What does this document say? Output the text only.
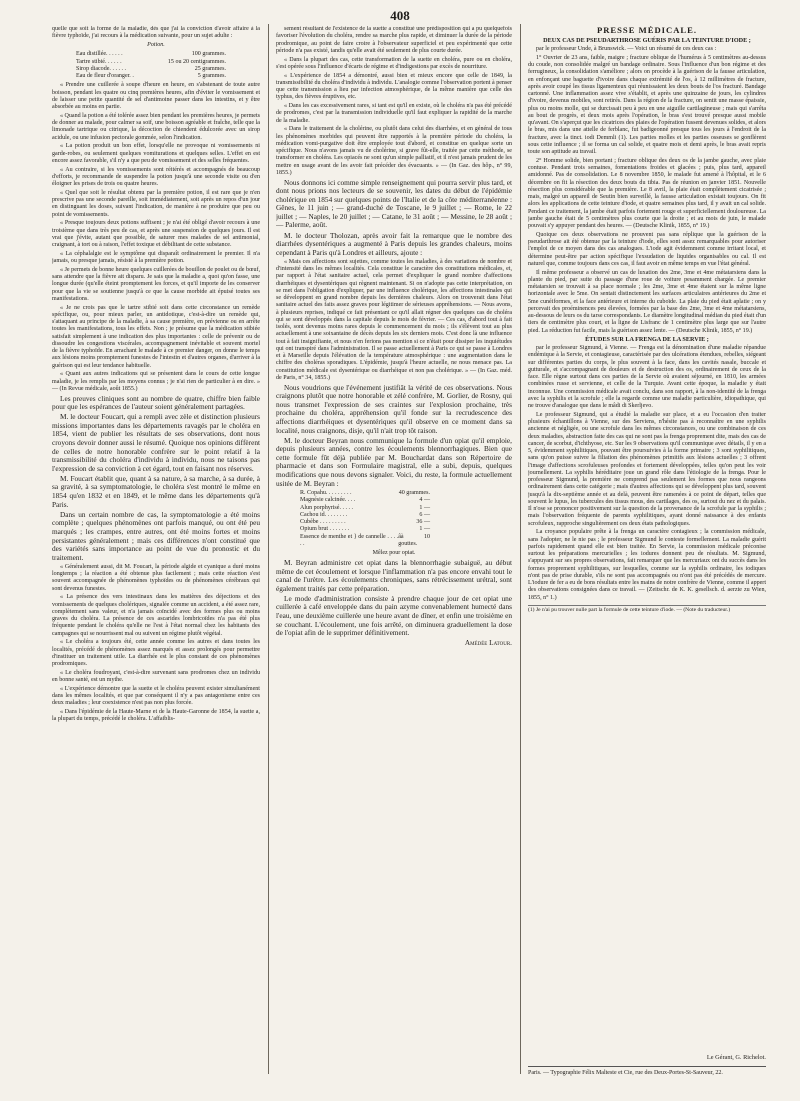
408

quelle que soit la forme de la maladie, dès que j'ai la conviction d'avoir affaire à la fièvre typhoïde, j'ai recours à la médication suivante, pour un sujet adulte :

Potion.

Eau distillée. . . . . .	100 grammes.
Tartre stibié. . . . . .	15 ou 20 centigrammes.
Sirop diacode. . . . . .	25 grammes.
Eau de fleur d'oranger. .	5 grammes.

« Prendre une cuillerée à soupe d'heure en heure, en s'abstenant de toute autre boisson, pendant les quatre ou cinq premières heures, afin d'éviter le vomissement et de laisser une petite quantité de sel d'antimoine passer dans les intestins, et y être absorbée au moins en partie.

« Quand la potion a été tolérée assez bien pendant les premières heures, je permets de donner au malade, pour calmer sa soif, une boisson agréable et fraîche, telle que la limonade tartrique ou citrique, la décoction de chiendent édulcorée avec un sirop acidule, ou une infusion pectorale gommée, selon l'indication.

« La potion produit un bon effet, lorsqu'elle ne provoque ni vomissements ni garde-robes, ou seulement quelques vomiturations et quelques selles. L'effet en est encore assez favorable, s'il n'y a que peu de vomissement et des selles fréquentes.

« Au contraire, si les vomissements sont réitérés et accompagnés de beaucoup d'efforts, je recommande de suspendre la potion jusqu'à une seconde visite ou d'en éloigner les prises de trois ou quatre heures.

« Quel que soit le résultat obtenu par la première potion, il est rare que je n'en prescrive pas une seconde pareille, soit immédiatement, soit après un repos d'un jour en distinguant les doses, suivant l'indication, de manière à ne produire que peu ou point de vomissements.

« Presque toujours deux potions suffisent ; je n'ai été obligé d'avoir recours à une troisième que dans très peu de cas, et après une suspension de quelques jours. Il est vrai que j'évite, autant que possible, de saturer mes malades de sel antimonial, craignant, à tort ou à raison, l'effet toxique et débilitant de cette substance.

« La céphalalgie est le symptôme qui disparaît ordinairement le premier. Il n'a jamais, ou presque jamais, résisté à la première potion.

« Je permets de bonne heure quelques cuillerées de bouillon de poulet ou de bœuf, sans attendre que la fièvre ait disparu. Je sais que la maladie a, quoi qu'on fasse, une longue durée (qu'elle éteint promptement les forces, et qu'il importe de les conserver pour que la vie se soutienne jusqu'à ce que la cause morbide ait épuisé toutes ses manifestations.

« Je ne crois pas que le tartre stibié soit dans cette circonstance un remède spécifique, ou, pour mieux parler, un antidotique, c'est-à-dire un remède qui, s'attaquant au principe de la maladie, à sa cause première, en prévienne ou en arrête toutes les manifestations, tous les effets. Non ; je présume que la médication stibiée satisfait simplement à une indication des plus importantes : celle de prévenir ou de dissoudre les congestions viscérales, accompagnement inévitable et souvent mortel de la fièvre typhoïde. En arrachant le malade à ce premier danger, on donne le temps aux lésions moins promptement funestes de l'intestin et d'autres organes, d'arriver à la guérison qui est leur tendance habituelle.

« Quant aux autres indications qui se présentent dans le cours de cette longue maladie, je les remplis par les moyens connus ; je n'ai rien de particulier à en dire. » — (In Revue médicale, août 1855.)

Les preuves cliniques sont au nombre de quatre, chiffre bien faible pour que les espérances de l'auteur soient généralement partagées.

M. le docteur Foucart, qui a rempli avec zèle et distinction plusieurs missions importantes dans les départements ravagés par le choléra en 1854, vient de publier les résultats de ses observations, dont nous croyons devoir donner aussi le résumé. Quoique nos opinions diffèrent de celles de notre honorable confrère sur le point relatif à la transmissibilité du choléra d'individu à individu, nous ne taisons pas l'expression de sa conviction à cet égard, tout en faisant nos réserves.

M. Foucart établit que, quant à sa nature, à sa marche, à sa durée, à sa gravité, à sa symptomatologie, le choléra s'est montré le même en 1854 qu'en 1832 et en 1849, et le même dans les départements qu'à Paris.

Dans un certain nombre de cas, la symptomatologie a été moins complète ; quelques phénomènes ont parfois manqué, ou ont été peu marqués ; les crampes, entre autres, ont été moins fortes et moins persistantes généralement ; mais ces différences n'ont constitué que des variétés sans importance au point de vue du pronostic et du traitement.

« Généralement aussi, dit M. Foucart, la période algide et cyanique a duré moins longtemps ; la réaction a été obtenue plus facilement ; mais cette réaction s'est souvent accompagnée de phénomènes typhoïdes ou de phénomènes cérébraux qui sont devenus funestes.

« La présence des vers intestinaux dans les matières des déjections et des vomissements de quelques cholériques, signalée comme un accident, a été assez rare, complètement sans valeur, et n'a jamais coïncidé avec des formes plus ou moins graves du choléra. La présence de ces ascarides lombricoïdes n'a pas été plus fréquente pendant le choléra qu'elle ne l'est à l'état normal chez les habitants des campagnes qui se nourrissent mal ou suivent un régime plutôt végétal.

« Le choléra a toujours été, cette année comme les autres et dans toutes les localités, précédé de phénomènes assez marqués et assez prolongés pour permettre d'instituer un traitement utile. La diarrhée est le plus constant de ces phénomènes prodromiques.

« Le choléra foudroyant, c'est-à-dire survenant sans prodromes chez un individu en bonne santé, est un mythe.

« L'expérience démontre que la suette et le choléra peuvent exister simultanément dans les mêmes localités, et que par conséquent il n'y a pas antagonisme entre ces deux maladies ; leur coexistence n'est pas non plus forcée.

« Dans l'épidémie de la Haute-Marne et de la Haute-Garonne de 1854, la suette a, la plupart du temps, précédé le choléra. L'affaiblis-

sement résultant de l'existence de la suette a constitué une prédisposition qui a pu quelquefois favoriser l'évolution du choléra, rendre sa marche plus rapide, et diminuer la durée de la période prodromique, au point de faire croire à l'observateur superficiel et peu expérimenté que cette période n'a pas existé, tandis qu'elle avait été seulement de plus courte durée.

« Dans la plupart des cas, cette transformation de la suette en choléra, pure ou en choléra, s'est opérée sous l'influence d'écarts de régime et d'indigestions par excès de nourriture.

« L'expérience de 1854 a démontré, aussi bien et mieux encore que celle de 1849, la transmissibilité du choléra d'individu à individu. L'analogie comme l'observation portent à penser que cette transmission a lieu par infection atmosphérique, de la même manière que celle des typhus, des fièvres éruptives, etc.

« Dans les cas excessivement rares, si tant est qu'il en existe, où le choléra n'a pas été précédé de prodromes, c'est par la transmission individuelle qu'il faut expliquer la rapidité de la marche de la maladie.

« Dans le traitement de la cholérine, ou plutôt dans celui des diarrhées, et en général de tous les phénomènes morbides qui peuvent être rapportés à la première période du choléra, la médication vomi-purgative doit être employée tout d'abord, et constitue en quelque sorte un spécifique. Nous n'avons jamais vu de cholérine, si grave fût-elle, traitée par cette méthode, se transformer en choléra. Les opiacés ne sont qu'un simple palliatif, et il n'est jamais prudent de les mettre en usage avant de les avoir fait précéder des évacuants. » — (In Gaz. des hôp., n° 99, 1855.)

Nous donnons ici comme simple renseignement qui pourra servir plus tard, et dont nous prions nos lecteurs de se souvenir, les dates du début de l'épidémie cholérique en 1854 sur quelques points de l'Italie et de la côte méditerranéenne : Gênes, le 11 juin ; — grand-duché de Toscane, le 9 juillet ; — Rome, le 22 juillet ; — Naples, le 20 juillet ; — Catane, le 31 août ; — Messine, le 28 août ; — Palerme, août.

M. le docteur Tholozan, après avoir fait la remarque que le nombre des diarrhées dysentériques a augmenté à Paris depuis les grandes chaleurs, moins cependant à Paris qu'à Londres et ailleurs, ajoute :

« Mais ces affections sont sujettes, comme toutes les maladies, à des variations de nombre et d'intensité dans les mêmes localités. Cela constitue le caractère des constitutions médicales, et, par rapport à l'état sanitaire actuel, cela permet d'expliquer le grand nombre d'affections diarrhéiques et dysentériques qui règnent maintenant. Si on n'adopte pas cette interprétation, on se met dans l'obligation d'expliquer, par une influence cholérique, les affections intestinales qui se développent en grand nombre depuis les dernières chaleurs. Alors on trouverait dans l'état sanitaire actuel des faits assez graves pour légitimer de sérieuses appréhensions. — Nous avons, à plusieurs reprises, indiqué ce fait présentant ce qu'il allait régner des quelques cas de choléra qui se sont développés dans la capitale depuis le mois de février. — Ces cas, d'abord tout à fait isolés, sont devenus moins rares depuis le commencement du mois ; ils s'élèvent tout au plus actuellement à une soixantaine de décès depuis les six derniers mois. C'est donc là une influence tout à fait insignifiante, et nous n'en ferions pas mention si ce n'était pour dissiper les inquiétudes qui ont transpiré dans l'administration. Il se passe actuellement à Paris ce qui se passe à Londres et à Marseille depuis l'élévation de la température atmosphérique : une augmentation dans le chiffre des choléras sporadiques. L'épidémie, jusqu'à l'heure actuelle, ne nous menace pas. La constitution médicale est dysentérique ou diarrhéique et non pas cholérique. » — (In Gaz. méd. de Paris, n° 34, 1855.)

Nous voudrions que l'événement justifiât la vérité de ces observations. Nous craignons plutôt que notre honorable et zélé confrère, M. Gorlier, de Rosny, qui nous transmet l'expression de ses craintes sur l'explosion prochaine, très prochaine du choléra, appréhension qu'il fonde sur la recrudescence des affections diarrhéiques et dysentériques qu'il observe en ce moment dans sa localité, nous craignons, disje, qu'il n'ait trop tôt raison.

M. le docteur Beyran nous communique la formule d'un opiat qu'il emploie, depuis plusieurs années, contre les écoulements blennorrhagiques. Bien que cette formule fût déjà publiée par M. Bouchardat dans son Répertoire de pharmacie et dans son Formulaire magistral, elle a subi, depuis, quelques modifications que nous devons signaler. Voici, du reste, la formule actuellement usitée de M. Beyran :

R. Copahu. . . . . . . . .	40 grammes.
Magnésie calcinée. . . .	4 —
Alun porphyrisé. . . . .	1 —
Cachou id. . . . . . . .	6 —
Cubèbe . . . . . . . . .	36 —
Opium brut . . . . . . .	1 —
Essence de menthe et } de cannelle . . . . . .
âà 10 gouttes.

Mêlez pour opiat.

M. Beyran administre cet opiat dans la blennorrhagie subaiguë, au début même de cet écoulement et lorsque l'inflammation n'a pas encore envahi tout le canal de l'urètre. Les écoulements chroniques, sans rétrécissement urétral, sont également traités par cette préparation.

Le mode d'administration consiste à prendre chaque jour de cet opiat une cuillerée à café enveloppée dans du pain azyme convenablement humecté dans l'eau, une deuxième cuillerée une heure avant de dîner, et enfin une troisième en se couchant. L'écoulement, une fois arrêté, on diminuera graduellement la dose de l'opiat afin de le supprimer définitivement.

Amédée Latour.

PRESSE MÉDICALE.

DEUX CAS DE PSEUDARTHROSE GUÉRIS PAR LA TEINTURE D'IODE ;

par le professeur Unde, à Brunswick. — Voici un résumé de ces deux cas :

1° Ouvrier de 23 ans, faible, maigre ; fracture oblique de l'humérus à 5 centimètres au-dessus du coude, non consolidée malgré un bandage ordinaire. Sous l'influence d'un bon régime et des ferrugineux, la consolidation s'améliore ; alors on procède à la guérison de la fausse articulation, en enfonçant une baguette d'ivoire dans chaque extrémité de l'os, à 12 millimètres de fracture, après avoir coupé les tissus ligamenteux qui réunissaient les deux bouts de l'os fracturé. Bandage cartonné. Une inflammation assez vive s'établit, et après une quinzaine de jours, les cylindres d'ivoire, devenus mobiles, sont retirés. Dans la région de la fracture, on sentit une masse épaissie, plus ou moins molle, qui se durcissait peu à peu en une aiguille cartilagineuse ; mais qui s'arrêta au bout de progrès, et deux mois après l'opération, le bras s'est trouvé presque aussi mobile qu'avant. On s'aperçut que les cicatrices des plaies de l'opération fussent devenues solides, et alors le bras, mis dans une attelle de ferblanc, fut badigeonné presque tous les jours à l'endroit de la fracture, avec la tinct. iodi Demmli (1). Les parties molles et les parties osseuses se gonflèrent sous cette influence ; il se forma un cal solide, et quatre mois et demi après, le bras avait repris toute son aptitude au travail.

2° Homme solide, bien portant ; fracture oblique des deux os de la jambe gauche, avec plaie contuse. Pendant trois semaines, fomentations froides et glacées ; puis, plus tard, appareil amidonné. Pas de consolidation. Le 8 novembre 1850, le malade fut amené à l'hôpital, et le 6 décembre on fit la résection des deux bouts du tibia. Pas de réunion en janvier 1851. Nouvelle résection plus considérable que la première. Le 8 avril, la plaie était complètement cicatrisée ; mais, malgré un appareil de Seutin bien surveillé, la fausse articulation existait toujours. On fit alors les applications de cette teinture d'iode, et quatre semaines plus tard, il y avait un cal solide. Pendant ce traitement, la jambe était parfois fortement rouge et superficiellement douloureuse. La jambe gauche était de 5 centimètres plus courte que la droite ; et au mois de juin, le malade pouvait s'y appuyer pendant des heures. — (Deutsche Klinik, 1855, n° 19.)

Quoique ces deux observations ne prouvent pas sans réplique que la guérison de la pseudarthrose ait été obtenue par la teinture d'iode, elles sont assez remarquables pour autoriser l'emploi de ce moyen dans des cas analogues. L'iode agit évidemment comme irritant local, et détermine peut-être par action spécifique l'exsudation de liquides organisables ou cal. Il est naturel que, comme toujours dans ces cas, il faut avoir en même temps en vue l'état général.

Il même professeur a observé un cas de luxation des 2me, 3me et 4me métatarsiens dans la plante du pied, par suite du passage d'une roue de voiture pesamment chargée. Le premier métatarsien se trouvait à sa place normale ; les 2me, 3me et 4me étaient sur la même ligne horizontale avec le 5me. On sentait distinctement les surfaces articulaires antérieures du 2me et 5me cunéiformes, et la face antérieure et interne du cuboïde. La plaie du pied était aplatie ; on y percevait des proéminences peu élevées, formées par la base des 2me, 3me et 4me métatarsiens, au-dessous de leurs os du tarse correspondants. Le diamètre longitudinal médian du pied était d'un tiers de centimètre plus court, et la ligne de Lisfranc de 1 centimètre plus large que sur l'autre pied. La réduction fut facile, mais la guérison assez lente. — (Deutsche Klinik, 1855, n° 19.)

ÉTUDES SUR LA FRENGA DE LA SERVIE ;

par le professeur Sigmund, à Vienne. — Frenga est la dénomination d'une maladie répandue endémique à la Servie, et contagieuse, caractérisée par des ulcérations étendues, rebelles, siégeant sur différentes parties du corps, le plus souvent à la face, dans les cavités nasale, buccale et gutturale, et s'accompagnant de douleurs et de destruction des os, ordinairement de ceux de la face. Elle règne surtout dans ces parties de la Servie où avaient séjourné, en 1810, les armées combinées russe et servienne, et celle de la Turquie. Avant cette époque, la maladie y était inconnue. Une commission médicale avait conclu, dans son rapport, à la non-identité de la frenga avec la syphilis et la scrofule ; elle la regarde comme une maladie particulière, idiopathique, qui ne trouve d'analogue que dans le mâdi di Skerljevo.

Le professeur Sigmund, qui a étudié la maladie sur place, et a eu l'occasion d'en traiter plusieurs échantillons à Vienne, sur des Serviens, n'hésite pas à reconnaître en une syphilis ancienne et négligée, ou une scrofule dans les mêmes circonstances, ou une combinaison de ces deux maladies, abstraction faite des cas qui ne sont pas la frenga proprement dite, mais des cas de cancer, de scorbut, d'ichthyose, etc. Sur les 9 observations qu'il communique avec détails, il y en a 5, évidemment syphilitiques, pouvant être poursuivies à la forme primaire ; 3 sont syphilitiques, sans qu'on puisse suivre la filiation des phénomènes primitifs aux lésions actuelles ; 3 offrent l'image d'affections scrofuleuses profondes et fortement développées, telles qu'on peut les voir journellement. La syphilis héréditaire joue un grand rôle dans l'étiologie de la frenga. Pour le professeur Sigmund, la première ne comprend pas seulement les formes que nous rangeons ordinairement dans cette catégorie ; mais d'autres affections qui se développent plus tard, souvent jusqu'à la dix-septième année et au delà, peuvent être ramenées à ce point de départ, telles que souvent le lupus, les tubercules des tissus mous, des cartilages, des os, surtout du nez et du palais. Il n'ose se prononcer positivement sur la question de la provenance de la scrofule par la syphilis ; mais l'observation fréquente de parents syphilitiques, ayant donné naissance à des enfants scrofuleux, rapproche singulièrement ces deux états pathologiques.

La croyance populaire prête à la frenga un caractère contagieux ; la commission médicale, sans l'adopter, ne le nie pas ; le professeur Sigmund le conteste formellement. La maladie guérit parfois rapidement quand elle est bien traitée. En Servie, la commission médicale préconise surtout les préparations mercurielles ; les iodures donnent peu de résultats. M. Sigmund, s'appuyant sur ses propres observations, fait remarquer que les mercuriaux ont du succès dans les formes proprement syphilitiques, sur lesquelles, comme sur la syphilis ordinaire, les iodiques n'ont pas de prise durable, s'ils ne sont pas accompagnés ou n'ont pas été précédés de mercure. L'iodure de fer a eu de bons résultats entre les mains de notre confrère de Vienne, comme il appert des observations consignées dans ce travail. — (Zeitschr. de K. K. gesellsch. d. aerzte zu Wien, 1855, n° 1.)

(1) Je n'ai pu trouver nulle part la formule de cette teinture d'iode. — (Note du traducteur.)

Le Gérant, G. Richelot.
Paris. — Typographie Félix Malteste et Cie, rue des Deux-Portes-St-Sauveur, 22.
